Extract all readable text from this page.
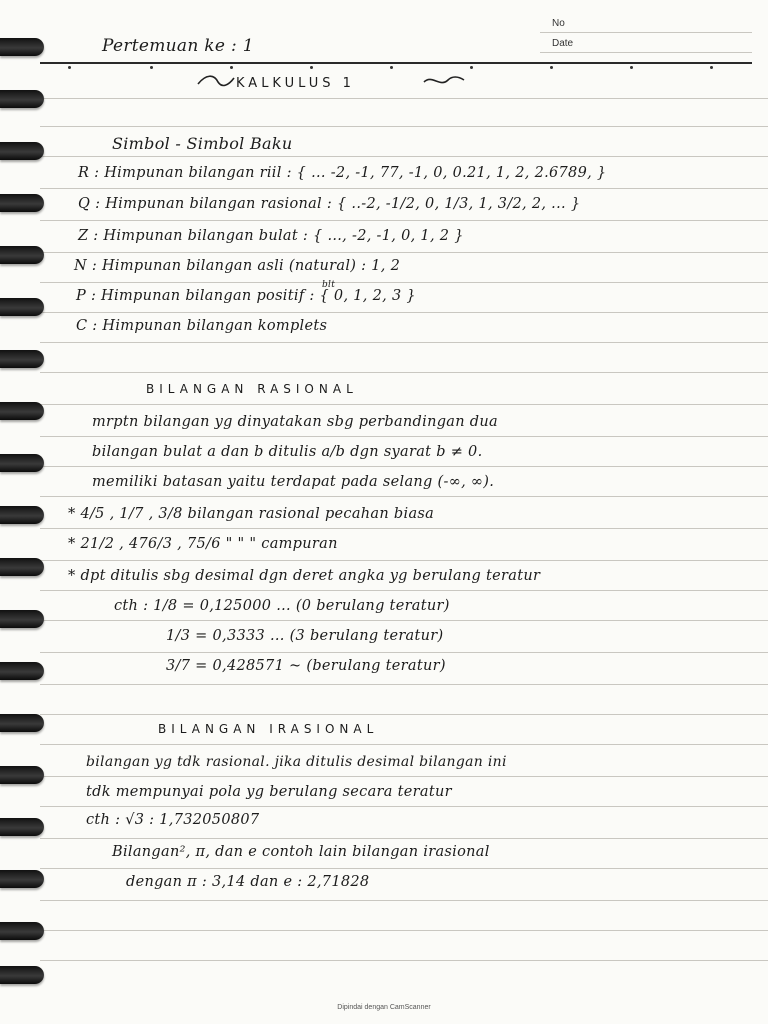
No
Date
Pertemuan ke : 1
KALKULUS 1
Simbol - Simbol Baku
R : Himpunan bilangan riil : { ... -2, -1, 77, -1, 0, 0.21, 1, 2, 2.6789, }
Q : Himpunan bilangan rasional : { ..-2, -1/2, 0, 1/3, 1, 3/2, 2, ... }
Z : Himpunan bilangan bulat : { ..., -2, -1, 0, 1, 2 }
N : Himpunan bilangan asli (natural) : 1, 2
blt
P : Himpunan bilangan positif : { 0, 1, 2, 3 }
C : Himpunan bilangan komplets
BILANGAN RASIONAL
mrptn bilangan yg dinyatakan sbg perbandingan dua
bilangan bulat a dan b ditulis a/b dgn syarat b ≠ 0.
memiliki batasan yaitu terdapat pada selang (-∞, ∞).
* 4/5 , 1/7 , 3/8 bilangan rasional pecahan biasa
* 21/2 , 476/3 , 75/6 " " " campuran
* dpt ditulis sbg desimal dgn deret angka yg berulang teratur
cth : 1/8 = 0,125000 ... (0 berulang teratur)
1/3 = 0,3333 ... (3 berulang teratur)
3/7 = 0,428571 ~ (berulang teratur)
BILANGAN IRASIONAL
bilangan yg tdk rasional. jika ditulis desimal bilangan ini
tdk mempunyai pola yg berulang secara teratur
cth : √3 : 1,732050807
Bilangan², π, dan e contoh lain bilangan irasional
dengan π : 3,14 dan e : 2,71828
Dipindai dengan CamScanner
